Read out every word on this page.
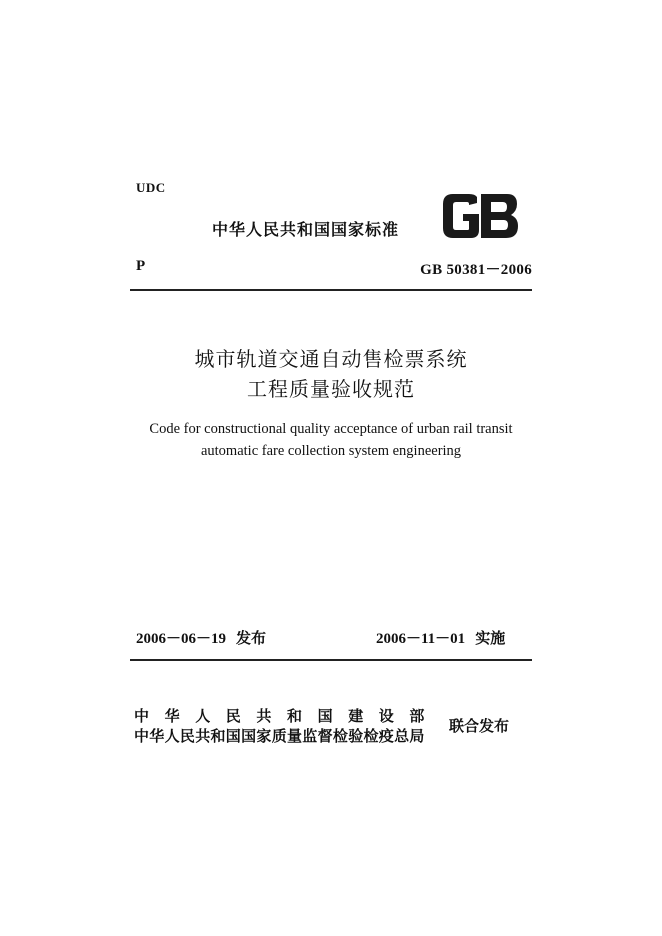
UDC
中华人民共和国国家标准
P	GB 50381－2006
城市轨道交通自动售检票系统
工程质量验收规范
Code for constructional quality acceptance of urban rail transit
automatic fare collection system engineering
2006－06－19 发布	2006－11－01 实施
中华人民共和国建设部
中华人民共和国国家质量监督检验检疫总局
联合发布
